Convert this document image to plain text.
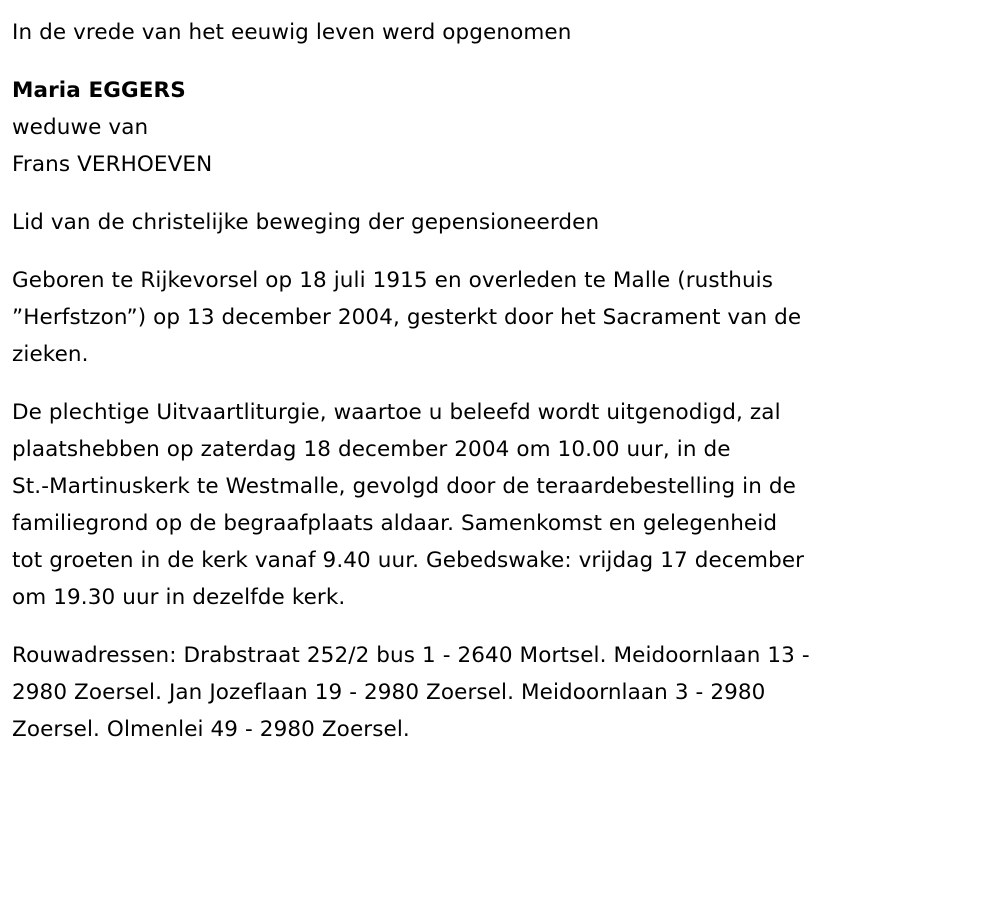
In de vrede van het eeuwig leven werd opgenomen
Maria EGGERS
weduwe van
Frans VERHOEVEN
Lid van de christelijke beweging der gepensioneerden
Geboren te Rijkevorsel op 18 juli 1915 en overleden te Malle (rusthuis
”Herfstzon”) op 13 december 2004, gesterkt door het Sacrament van de
zieken.
De plechtige Uitvaartliturgie, waartoe u beleefd wordt uitgenodigd, zal
plaatshebben op zaterdag 18 december 2004 om 10.00 uur, in de
St.-Martinuskerk te Westmalle, gevolgd door de teraardebestelling in de
familiegrond op de begraafplaats aldaar. Samenkomst en gelegenheid
tot groeten in de kerk vanaf 9.40 uur. Gebedswake: vrijdag 17 december
om 19.30 uur in dezelfde kerk.
Rouwadressen: Drabstraat 252/2 bus 1 - 2640 Mortsel. Meidoornlaan 13 -
2980 Zoersel. Jan Jozeflaan 19 - 2980 Zoersel. Meidoornlaan 3 - 2980
Zoersel. Olmenlei 49 - 2980 Zoersel.
